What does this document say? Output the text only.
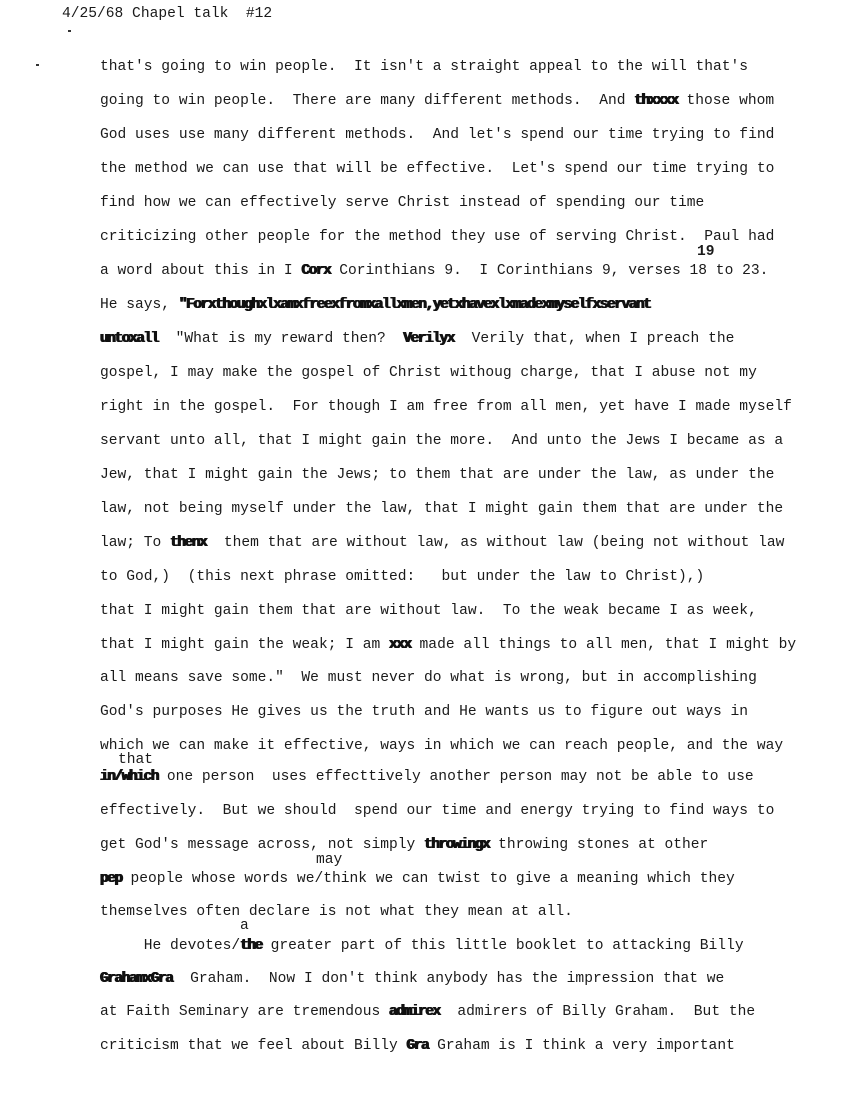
4/25/68 Chapel talk  #12
that's going to win people.  It isn't a straight appeal to the will that's
going to win people.  There are many different methods.  And thxxxx those whom
God uses use many different methods.  And let's spend our time trying to find
the method we can use that will be effective.  Let's spend our time trying to
find how we can effectively serve Christ instead of spending our time
criticizing other people for the method they use of serving Christ.  Paul had
a word about this in I Corx Corinthians 9.  I Corinthians 9, verses 18 to 23.
He says, "Forxthoughxlxamxfreexfromxallxmen,yetxhavexlxmadexmyselfxservant
untoxall  "What is my reward then?  Verilyx  Verily that, when I preach the
gospel, I may make the gospel of Christ withoug charge, that I abuse not my
right in the gospel.  For though I am free from all men, yet have I made myself
servant unto all, that I might gain the more.  And unto the Jews I became as a
Jew, that I might gain the Jews; to them that are under the law, as under the
law, not being myself under the law, that I might gain them that are under the
law; To thenx  them that are without law, as without law (being not without law
to God,)  (this next phrase omitted:   but under the law to Christ),)
that I might gain them that are without law.  To the weak became I as week,
that I might gain the weak; I am xxx made all things to all men, that I might by
all means save some."  We must never do what is wrong, but in accomplishing
God's purposes He gives us the truth and He wants us to figure out ways in
which we can make it effective, ways in which we can reach people, and the way
in/which one person  uses effecttively another person may not be able to use
effectively.  But we should  spend our time and energy trying to find ways to
get God's message across, not simply throwingx throwing stones at other
pep people whose words we/think we can twist to give a meaning which they
themselves often declare is not what they mean at all.
He devotes/the greater part of this little booklet to attacking Billy
GrahamxGra  Graham.  Now I don't think anybody has the impression that we
at Faith Seminary are tremendous admirex  admirers of Billy Graham.  But the
criticism that we feel about Billy Gra Graham is I think a very important
19
that
may
a
